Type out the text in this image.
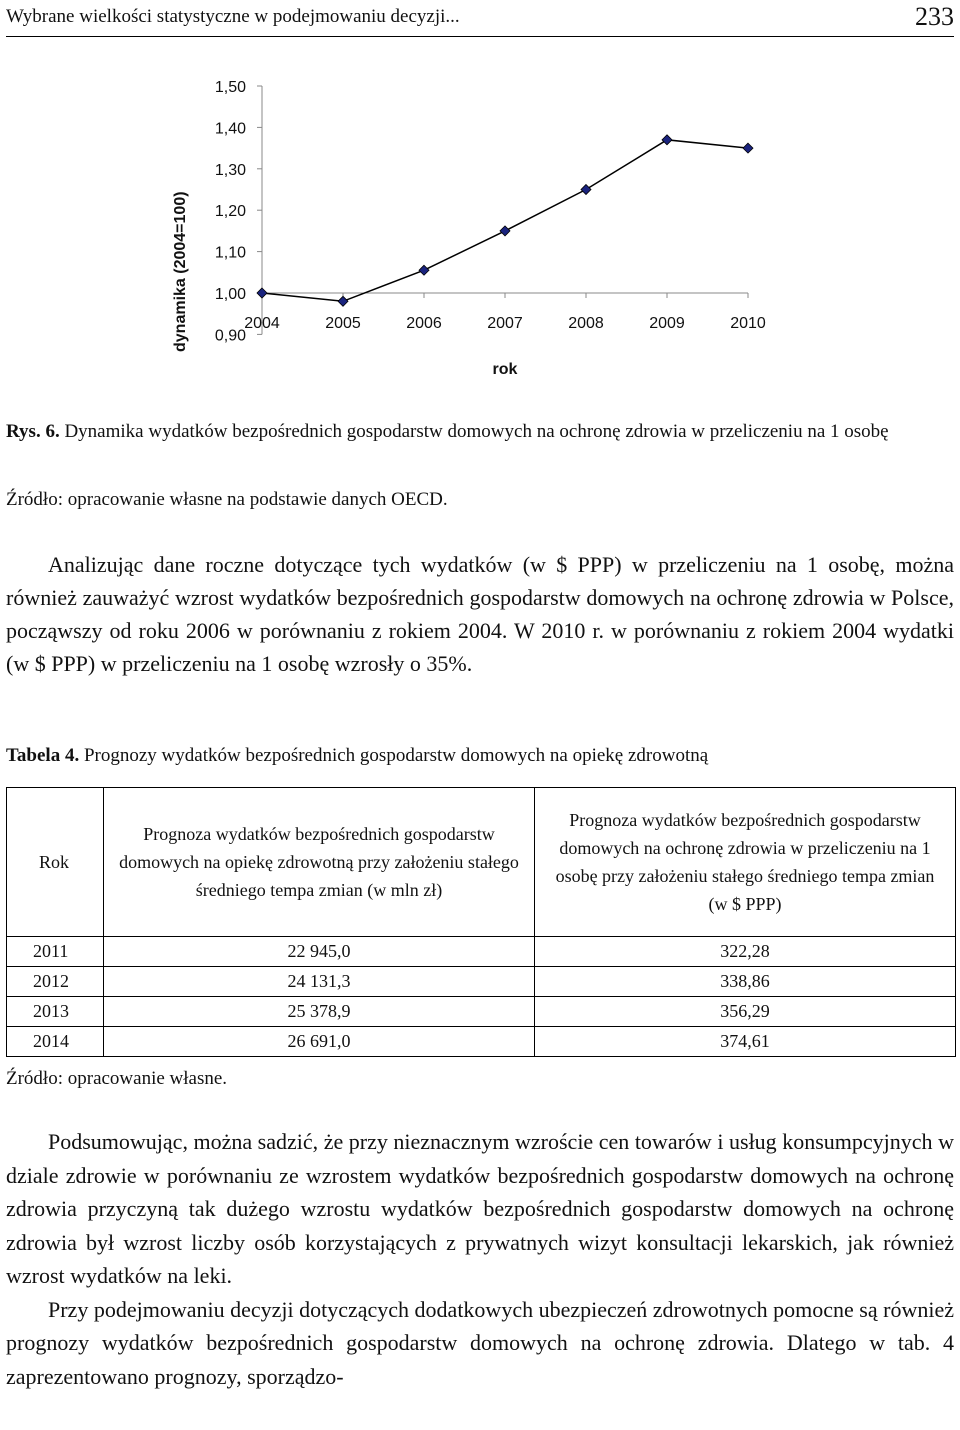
Wybrane wielkości statystyczne w podejmowaniu decyzji...	233
0,90
1,00
1,10
1,20
1,30
1,40
1,50
2004	2005	2006	2007	2008	2009	2010
rok
dynamika (2004=100)
Rys. 6. Dynamika wydatków bezpośrednich gospodarstw domowych na ochronę zdrowia w przeliczeniu na 1 osobę
Źródło: opracowanie własne na podstawie danych OECD.

Analizując dane roczne dotyczące tych wydatków (w $ PPP) w przeliczeniu na 1 osobę, można również zauważyć wzrost wydatków bezpośrednich gospodarstw domowych na ochronę zdrowia w Polsce, począwszy od roku 2006 w porównaniu z rokiem 2004. W 2010 r. w porównaniu z rokiem 2004 wydatki (w $ PPP) w przeliczeniu na 1 osobę wzrosły o 35%.

Tabela 4. Prognozy wydatków bezpośrednich gospodarstw domowych na opiekę zdrowotną
Rok	Prognoza wydatków bezpośrednich gospodarstw domowych na opiekę zdrowotną przy założeniu stałego średniego tempa zmian (w mln zł)	Prognoza wydatków bezpośrednich gospodarstw domowych na ochronę zdrowia w przeliczeniu na 1 osobę przy założeniu stałego średniego tempa zmian (w $ PPP)

2011	22 945,0	322,28
2012	24 131,3	338,86
2013	25 378,9	356,29
2014	26 691,0	374,61
Źródło: opracowanie własne.

Podsumowując, można sadzić, że przy nieznacznym wzroście cen towarów i usług konsumpcyjnych w dziale zdrowie w porównaniu ze wzrostem wydatków bezpośrednich gospodarstw domowych na ochronę zdrowia przyczyną tak dużego wzrostu wydatków bezpośrednich gospodarstw domowych na ochronę zdrowia był wzrost liczby osób korzystających z prywatnych wizyt konsultacji lekarskich, jak również wzrost wydatków na leki.

Przy podejmowaniu decyzji dotyczących dodatkowych ubezpieczeń zdrowotnych pomocne są również prognozy wydatków bezpośrednich gospodarstw domowych na ochronę zdrowia. Dlatego w tab. 4 zaprezentowano prognozy, sporządzo-
